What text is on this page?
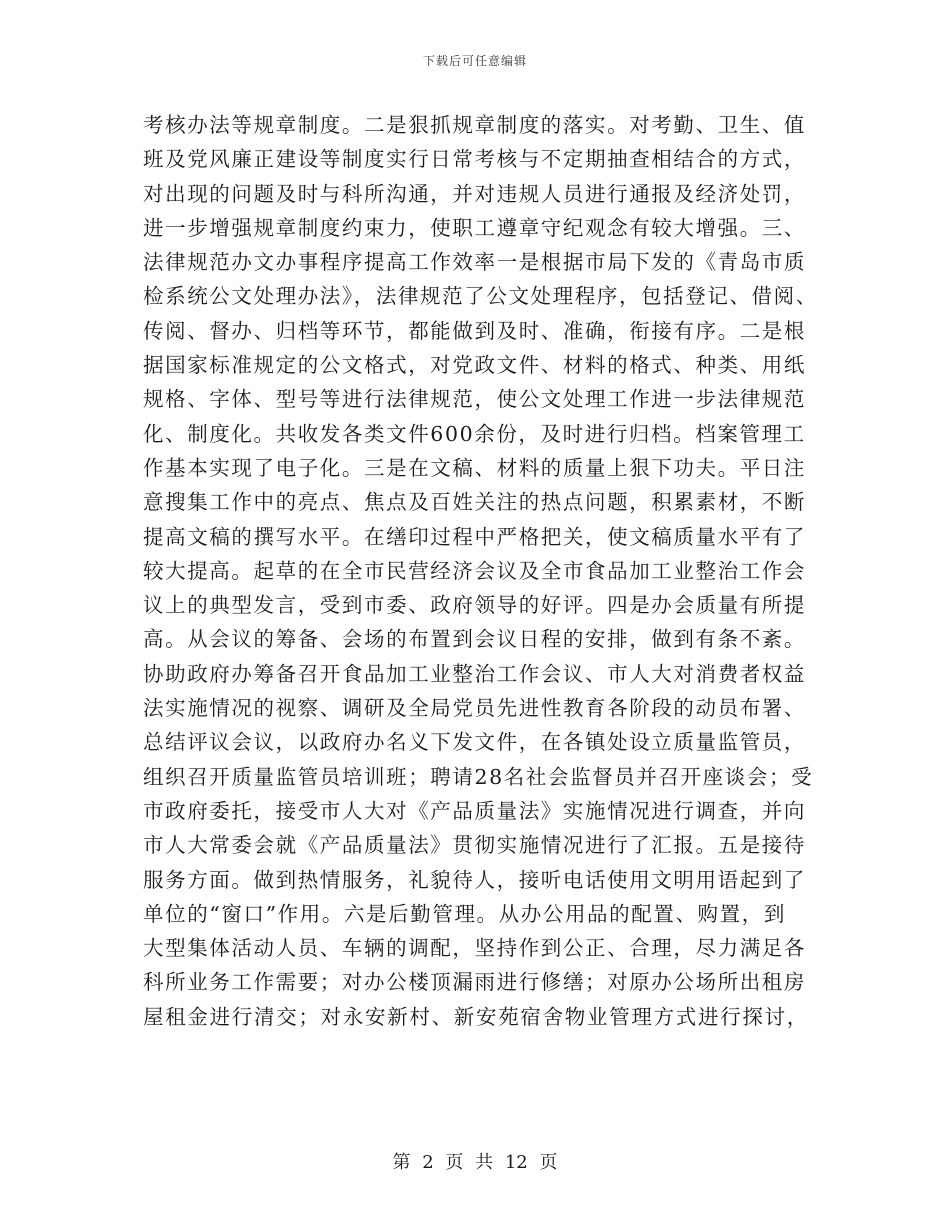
下载后可任意编辑
考核办法等规章制度。二是狠抓规章制度的落实。对考勤、卫生、值
班及党风廉正建设等制度实行日常考核与不定期抽查相结合的方式，
对出现的问题及时与科所沟通，并对违规人员进行通报及经济处罚，
进一步增强规章制度约束力，使职工遵章守纪观念有较大增强。三、
法律规范办文办事程序提高工作效率一是根据市局下发的《青岛市质
检系统公文处理办法》，法律规范了公文处理程序，包括登记、借阅、
传阅、督办、归档等环节，都能做到及时、准确，衔接有序。二是根
据国家标准规定的公文格式，对党政文件、材料的格式、种类、用纸
规格、字体、型号等进行法律规范，使公文处理工作进一步法律规范
化、制度化。共收发各类文件600余份，及时进行归档。档案管理工
作基本实现了电子化。三是在文稿、材料的质量上狠下功夫。平日注
意搜集工作中的亮点、焦点及百姓关注的热点问题，积累素材，不断
提高文稿的撰写水平。在缮印过程中严格把关，使文稿质量水平有了
较大提高。起草的在全市民营经济会议及全市食品加工业整治工作会
议上的典型发言，受到市委、政府领导的好评。四是办会质量有所提
高。从会议的筹备、会场的布置到会议日程的安排，做到有条不紊。
协助政府办筹备召开食品加工业整治工作会议、市人大对消费者权益
法实施情况的视察、调研及全局党员先进性教育各阶段的动员布署、
总结评议会议，以政府办名义下发文件，在各镇处设立质量监管员，
组织召开质量监管员培训班；聘请28名社会监督员并召开座谈会；受
市政府委托，接受市人大对《产品质量法》实施情况进行调查，并向
市人大常委会就《产品质量法》贯彻实施情况进行了汇报。五是接待
服务方面。做到热情服务，礼貌待人，接听电话使用文明用语起到了
单位的“窗口”作用。六是后勤管理。从办公用品的配置、购置，到
大型集体活动人员、车辆的调配，坚持作到公正、合理，尽力满足各
科所业务工作需要；对办公楼顶漏雨进行修缮；对原办公场所出租房
屋租金进行清交；对永安新村、新安苑宿舍物业管理方式进行探讨，
第 2 页 共 12 页
